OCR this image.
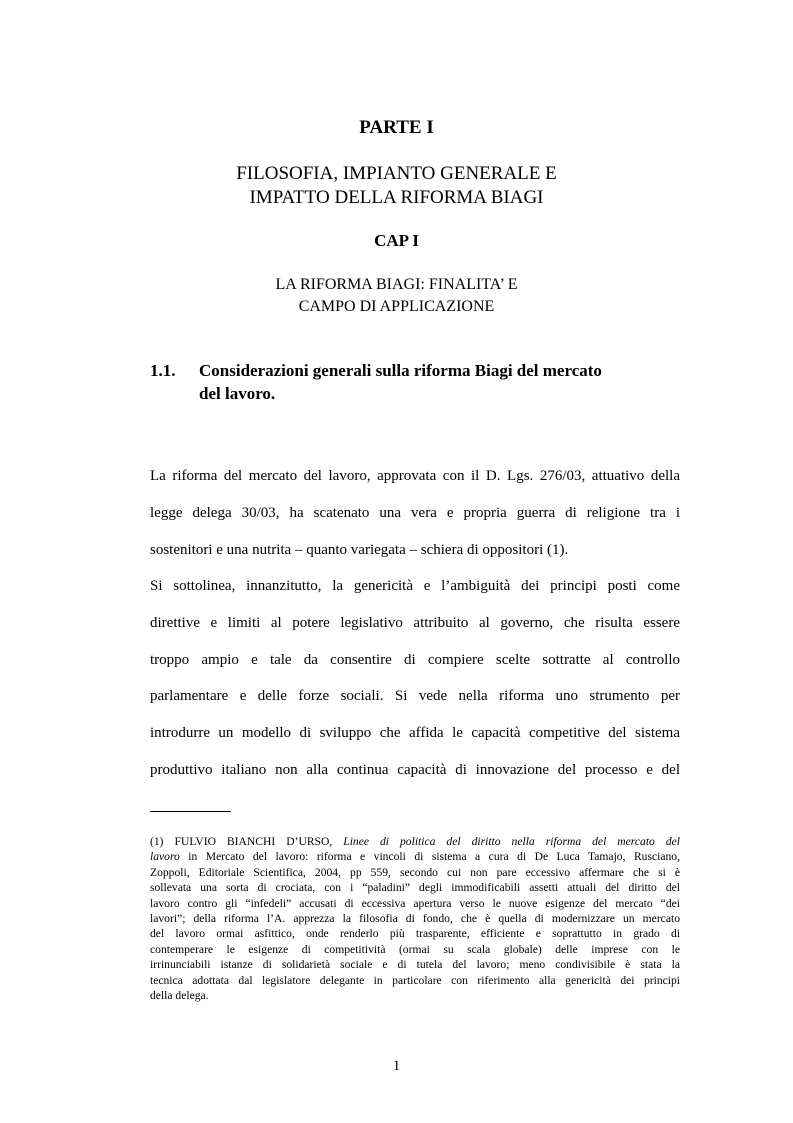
PARTE I
FILOSOFIA, IMPIANTO GENERALE E
IMPATTO DELLA RIFORMA BIAGI
CAP I
LA RIFORMA BIAGI: FINALITA’ E
CAMPO DI APPLICAZIONE
1.1. Considerazioni generali sulla riforma Biagi del mercato
del lavoro.

La riforma del mercato del lavoro, approvata con il D. Lgs. 276/03, attuativo della
legge delega 30/03, ha scatenato una vera e propria guerra di religione tra i
sostenitori e una nutrita – quanto variegata – schiera di oppositori (1).

Si sottolinea, innanzitutto, la genericità e l’ambiguità dei principi posti come
direttive e limiti al potere legislativo attribuito al governo, che risulta essere
troppo ampio e tale da consentire di compiere scelte sottratte al controllo
parlamentare e delle forze sociali. Si vede nella riforma uno strumento per
introdurre un modello di sviluppo che affida le capacità competitive del sistema
produttivo italiano non alla continua capacità di innovazione del processo e del

(1) FULVIO BIANCHI D’URSO, Linee di politica del diritto nella riforma del mercato del
lavoro in Mercato del lavoro: riforma e vincoli di sistema a cura di De Luca Tamajo, Rusciano,
Zoppoli, Editoriale Scientifica, 2004, pp 559, secondo cui non pare eccessivo affermare che si è
sollevata una sorta di crociata, con i “paladini” degli immodificabili assetti attuali del diritto del
lavoro contro gli “infedeli” accusati di eccessiva apertura verso le nuove esigenze del mercato “dei
lavori”; della riforma l’A. apprezza la filosofia di fondo, che è quella di modernizzare un mercato
del lavoro ormai asfittico, onde renderlo più trasparente, efficiente e soprattutto in grado di
contemperare le esigenze di competitività (ormai su scala globale) delle imprese con le
irrinunciabili istanze di solidarietà sociale e di tutela del lavoro; meno condivisibile è stata la
tecnica adottata dal legislatore delegante in particolare con riferimento alla genericità dei principi
della delega.

1
